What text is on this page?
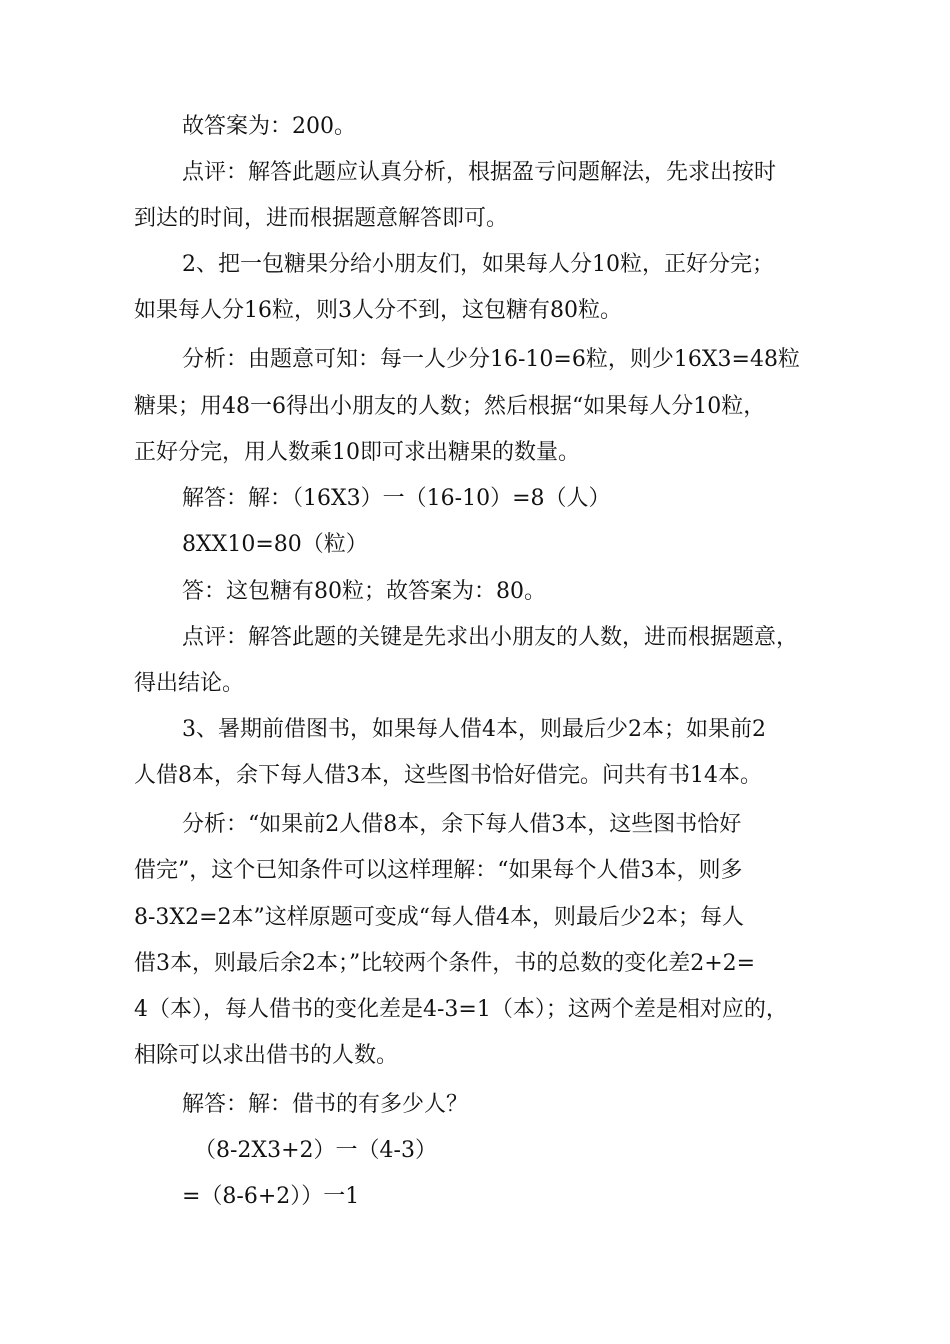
故答案为：200。
点评：解答此题应认真分析，根据盈亏问题解法，先求出按时
到达的时间，进而根据题意解答即可。
2、把一包糖果分给小朋友们，如果每人分10粒，正好分完；
如果每人分16粒，则3人分不到，这包糖有80粒。
分析：由题意可知：每一人少分16-10=6粒，则少16X3=48粒
糖果；用48一6得出小朋友的人数；然后根据“如果每人分10粒，
正好分完，用人数乘10即可求出糖果的数量。
解答：解：（16X3）一（16-10）=8（人）
8XX10=80（粒）
答：这包糖有80粒；故答案为：80。
点评：解答此题的关键是先求出小朋友的人数，进而根据题意，
得出结论。
3、暑期前借图书，如果每人借4本，则最后少2本；如果前2
人借8本，余下每人借3本，这些图书恰好借完。问共有书14本。
分析：“如果前2人借8本，余下每人借3本，这些图书恰好
借完”，这个已知条件可以这样理解：“如果每个人借3本，则多
8-3X2=2本”这样原题可变成“每人借4本，则最后少2本；每人
借3本，则最后余2本；”比较两个条件，书的总数的变化差2+2=
4（本），每人借书的变化差是4-3=1（本）；这两个差是相对应的，
相除可以求出借书的人数。
解答：解：借书的有多少人？
（8-2X3+2）一（4-3）
=（8-6+2））一1
